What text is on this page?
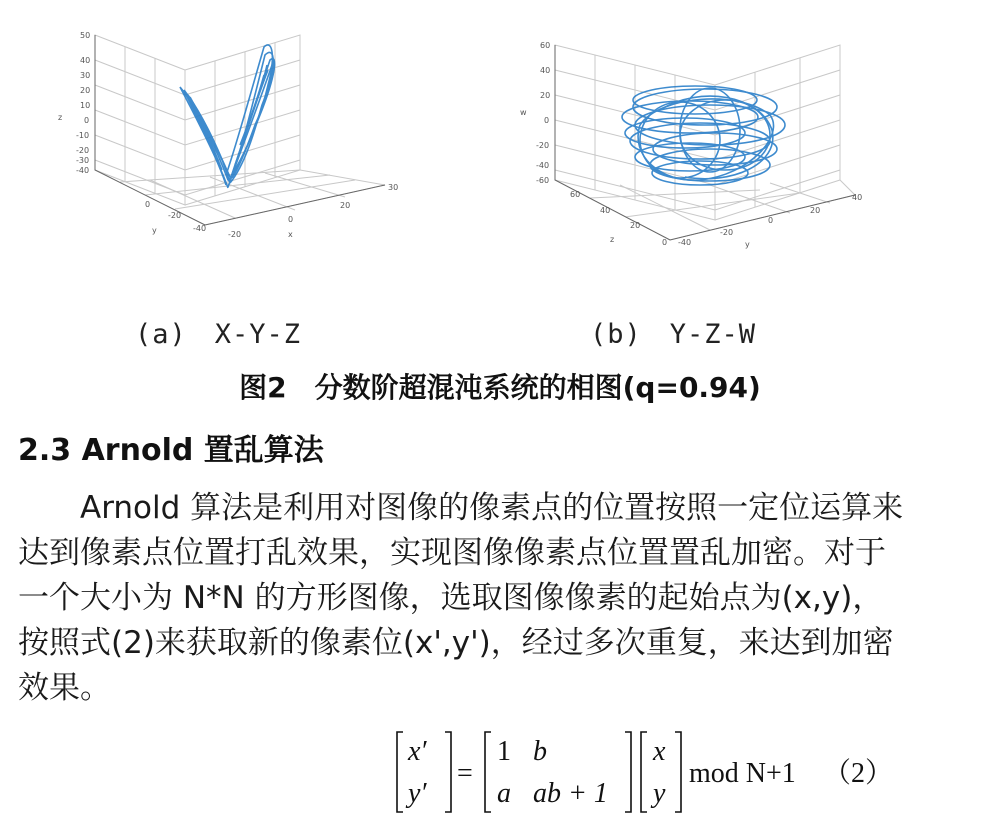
50
40
30
20
10
0
-10
-20
-30
-40
z
0
-20
-40
y	-20
0
20
30
x
60
40
20
0
-20
-40
-60
w
60
40
20
0
z	-40
-20
0
20
40
y
(a)　X-Y-Z	(b)　Y-Z-W
图2　分数阶超混沌系统的相图(q=0.94)
2.3 Arnold 置乱算法

Arnold 算法是利用对图像的像素点的位置按照一定位运算来达到像素点位置打乱效果，实现图像像素点位置置乱加密。对于一个大小为 N*N 的方形图像，选取图像像素的起始点为(x,y)，按照式(2)来获取新的像素位(x',y')，经过多次重复，来达到加密效果。

x′
y′
=
1 b
a ab + 1
x
y
mod N+1 （2）
